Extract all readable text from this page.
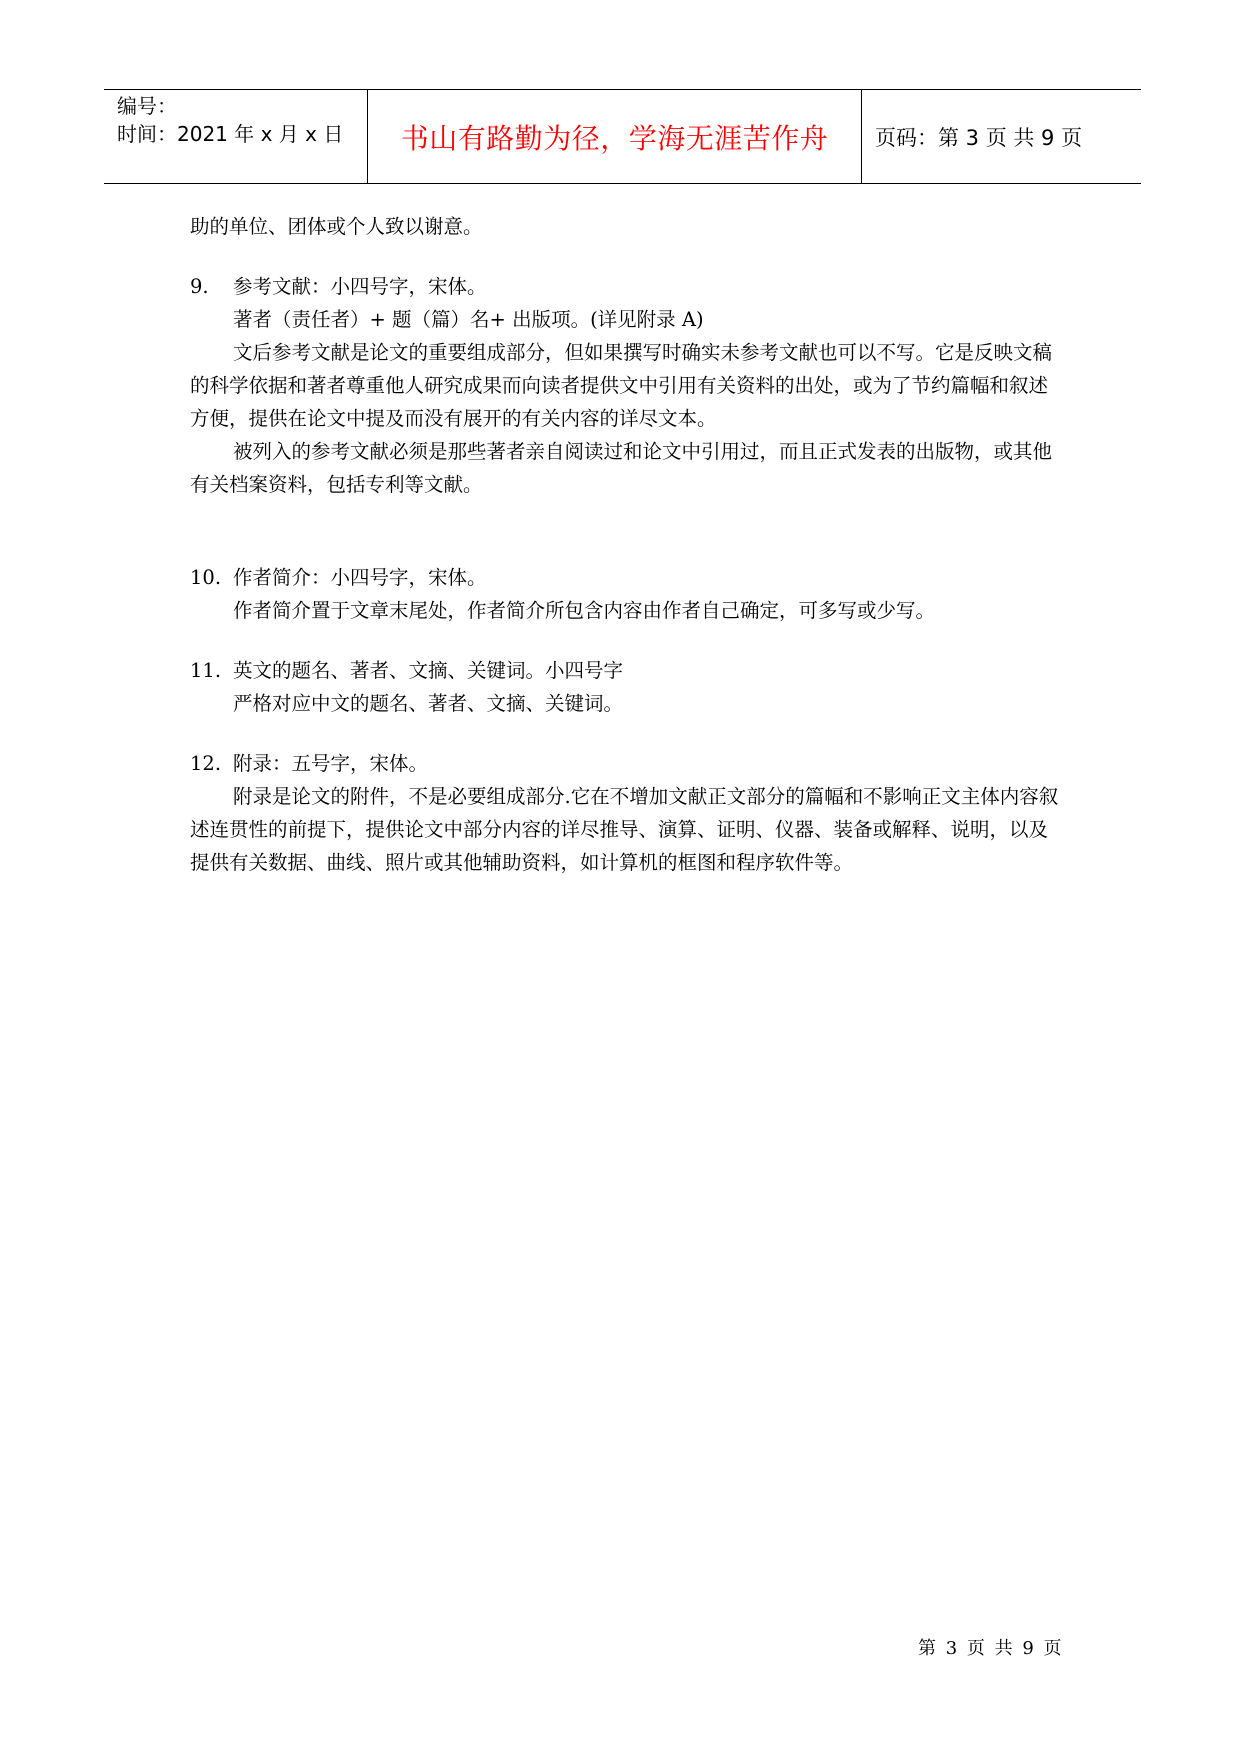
编号：
时间：2021 年 x 月 x 日	书山有路勤为径，学海无涯苦作舟	页码：第 3 页 共 9 页

助的单位、团体或个人致以谢意。

9.	参考文献：小四号字，宋体。

著者（责任者）+ 题（篇）名+ 出版项。(详见附录 A)

文后参考文献是论文的重要组成部分，但如果撰写时确实未参考文献也可以不写。它是反映文稿的科学依据和著者尊重他人研究成果而向读者提供文中引用有关资料的出处，或为了节约篇幅和叙述方便，提供在论文中提及而没有展开的有关内容的详尽文本。

被列入的参考文献必须是那些著者亲自阅读过和论文中引用过，而且正式发表的出版物，或其他有关档案资料，包括专利等文献。

10. 作者简介：小四号字，宋体。

作者简介置于文章末尾处，作者简介所包含内容由作者自己确定，可多写或少写。

11. 英文的题名、著者、文摘、关键词。小四号字

严格对应中文的题名、著者、文摘、关键词。

12. 附录：五号字，宋体。

附录是论文的附件，不是必要组成部分.它在不增加文献正文部分的篇幅和不影响正文主体内容叙述连贯性的前提下，提供论文中部分内容的详尽推导、演算、证明、仪器、装备或解释、说明，以及提供有关数据、曲线、照片或其他辅助资料，如计算机的框图和程序软件等。

第 3 页 共 9 页
